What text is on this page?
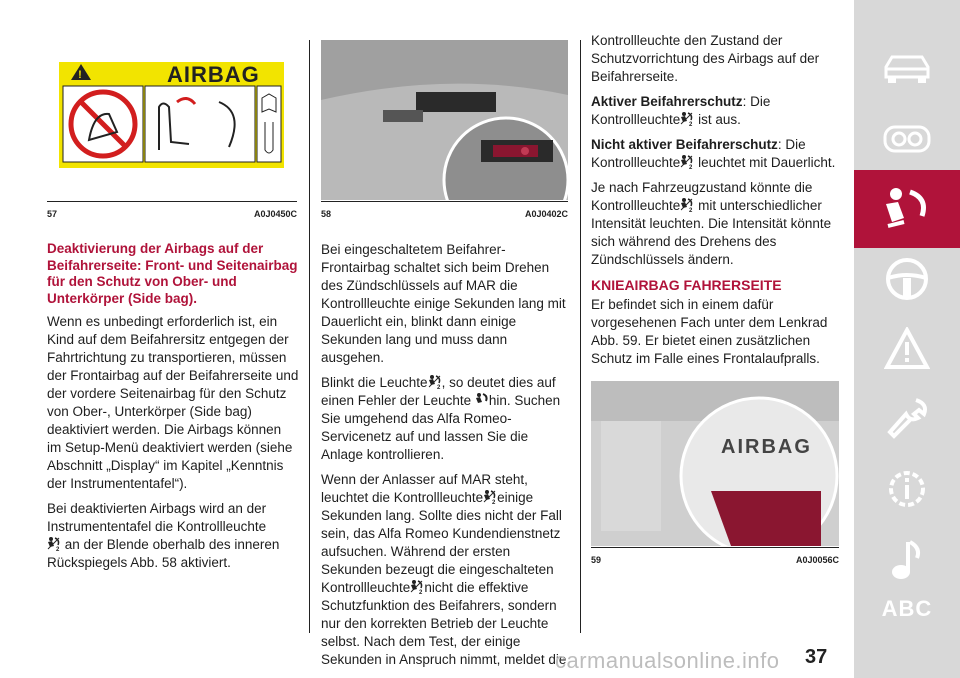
!	AIRBAG
57	A0J0450C
Deaktivierung der Airbags auf der Beifahrerseite: Front- und Seitenairbag für den Schutz von Ober- und Unterkörper (Side bag).

Wenn es unbedingt erforderlich ist, ein Kind auf dem Beifahrersitz entgegen der Fahrtrichtung zu transportieren, müssen der Frontairbag auf der Beifahrerseite und der vordere Seitenairbag für den Schutz von Ober-, Unterkörper (Side bag) deaktiviert werden. Die Airbags können im Setup-Menü deaktiviert werden (siehe Abschnitt „Display“ im Kapitel „Kenntnis der Instrumententafel“).

Bei deaktivierten Airbags wird an der Instrumententafel die Kontrollleuchte
an der Blende oberhalb des inneren Rückspiegels Abb. 58 aktiviert.

58	A0J0402C

Bei eingeschaltetem Beifahrer-Frontairbag schaltet sich beim Drehen des Zündschlüssels auf MAR die Kontrollleuchte einige Sekunden lang mit Dauerlicht ein, blinkt dann einige Sekunden lang und muss dann ausgehen.

Blinkt die Leuchte , so deutet dies auf einen Fehler der Leuchte hin. Suchen Sie umgehend das Alfa Romeo-Servicenetz auf und lassen Sie die Anlage kontrollieren.

Wenn der Anlasser auf MAR steht, leuchtet die Kontrollleuchte einige Sekunden lang. Sollte dies nicht der Fall sein, das Alfa Romeo Kundendienstnetz aufsuchen. Während der ersten Sekunden bezeugt die eingeschalteten Kontrollleuchte nicht die effektive Schutzfunktion des Beifahrers, sondern nur den korrekten Betrieb der Leuchte selbst. Nach dem Test, der einige Sekunden in Anspruch nimmt, meldet die

Kontrollleuchte den Zustand der Schutzvorrichtung des Airbags auf der Beifahrerseite.

Aktiver Beifahrerschutz: Die Kontrollleuchte ist aus.

Nicht aktiver Beifahrerschutz: Die Kontrollleuchte leuchtet mit Dauerlicht.

Je nach Fahrzeugzustand könnte die Kontrollleuchte mit unterschiedlicher Intensität leuchten. Die Intensität könnte sich während des Drehens des Zündschlüssels ändern.

KNIEAIRBAG FAHRERSEITE

Er befindet sich in einem dafür vorgesehenen Fach unter dem Lenkrad Abb. 59. Er bietet einen zusätzlichen Schutz im Falle eines Frontalaufpralls.

AIRBAG
59	A0J0056C
ABC
carmanualsonline.info 37
